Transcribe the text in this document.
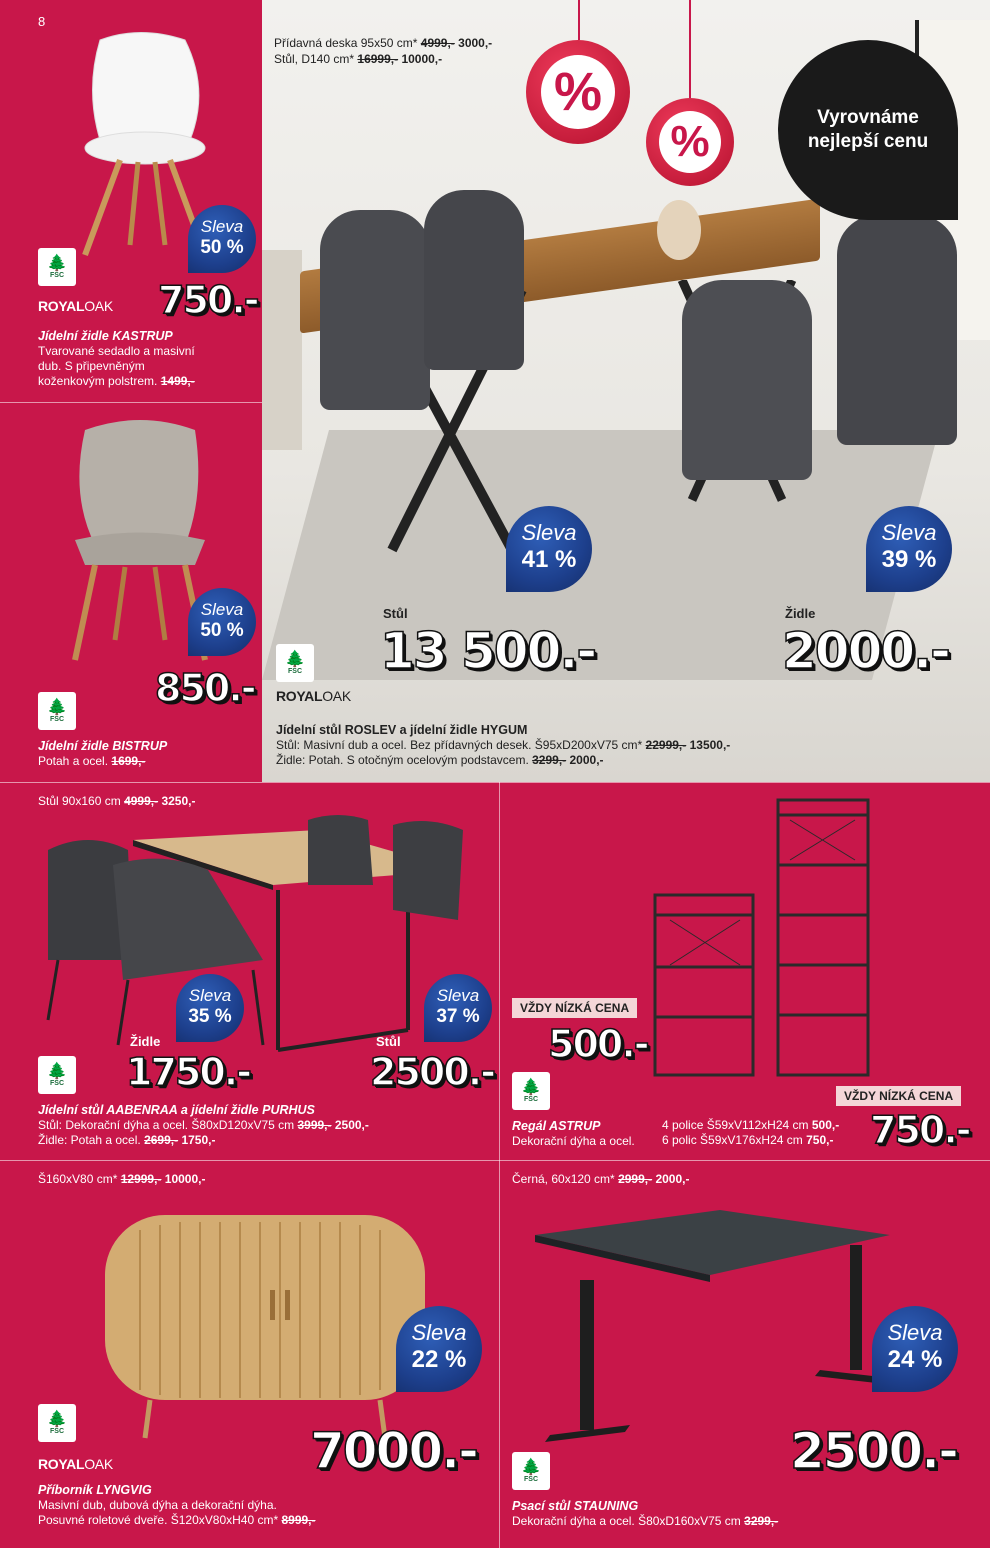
8
Sleva
50 %
🌲
FSC
ROYALOAK 750.-
Jídelní židle KASTRUP
Tvarované sedadlo a masivní
dub. S připevněným
koženkovým polstrem. 1499,-
Sleva
50 %
🌲
FSC
850.-
Jídelní židle BISTRUP
Potah a ocel. 1699,-
Přídavná deska 95x50 cm* 4999,- 3000,-
Stůl, D140 cm* 16999,- 10000,-
%
%	Vyrovnáme nejlepší cenu
Sleva
41 %
Sleva
39 %
Stůl
13 500.-
Židle
2000.-
🌲
FSC
ROYALOAK
Jídelní stůl ROSLEV a jídelní židle HYGUM
Stůl: Masivní dub a ocel. Bez přídavných desek. Š95xD200xV75 cm* 22999,- 13500,-
Židle: Potah. S otočným ocelovým podstavcem. 3299,- 2000,-
Stůl 90x160 cm 4999,- 3250,-
Sleva
35 %
Sleva
37 %
Židle
1750.-
Stůl
2500.-
🌲
FSC
Jídelní stůl AABENRAA a jídelní židle PURHUS
Stůl: Dekorační dýha a ocel. Š80xD120xV75 cm 3999,- 2500,-
Židle: Potah a ocel. 2699,- 1750,-
VŽDY NÍZKÁ CENA
500.-
VŽDY NÍZKÁ CENA
750.-
🌲
FSC
Regál ASTRUP
Dekorační dýha a ocel.
4 police Š59xV112xH24 cm 500,-
6 polic Š59xV176xH24 cm 750,-
Š160xV80 cm* 12999,- 10000,-
Sleva
22 %
7000.-
🌲
FSC
ROYALOAK
Příborník LYNGVIG
Masivní dub, dubová dýha a dekorační dýha.
Posuvné roletové dveře. Š120xV80xH40 cm* 8999,-
Černá, 60x120 cm* 2999,- 2000,-
Sleva
24 %
2500.-
🌲
FSC
Psací stůl STAUNING
Dekorační dýha a ocel. Š80xD160xV75 cm 3299,-
